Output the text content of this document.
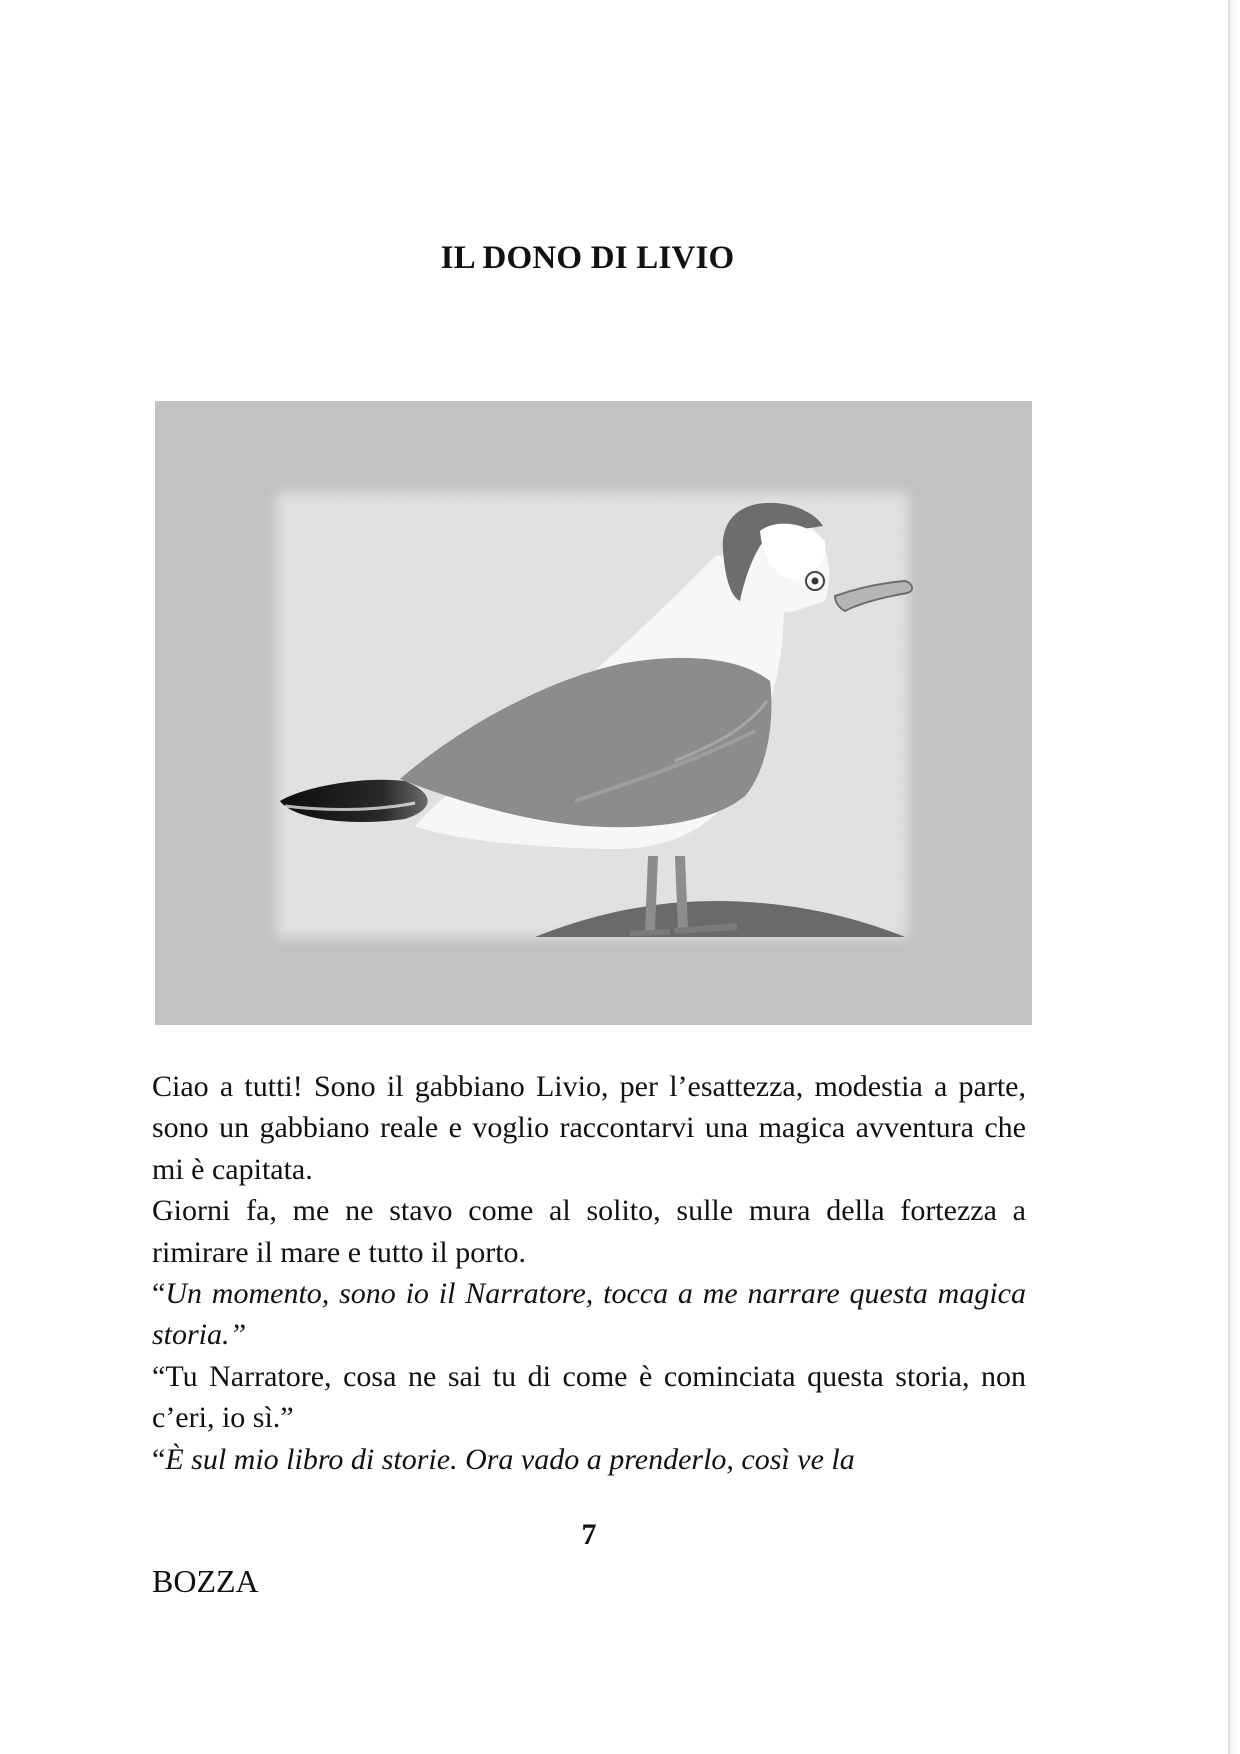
IL DONO DI LIVIO

Ciao a tutti! Sono il gabbiano Livio, per l’esattezza, modestia a parte, sono un gabbiano reale e voglio raccontarvi una magica avventura che mi è capitata.

Giorni fa, me ne stavo come al solito, sulle mura della fortezza a rimirare il mare e tutto il porto.

“Un momento, sono io il Narratore, tocca a me narrare questa magica storia.”

“Tu Narratore, cosa ne sai tu di come è cominciata questa storia, non c’eri, io sì.”

“È sul mio libro di storie. Ora vado a prenderlo, così ve la

7
BOZZA
